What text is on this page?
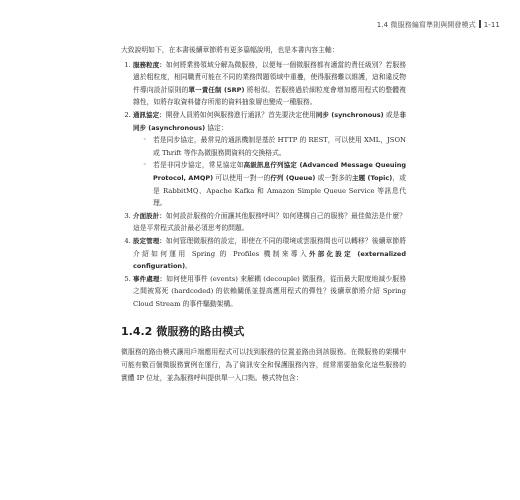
1.4 微服務編寫準則與開發模式 1-11

大致說明如下，在本書後續章節將有更多篇幅說明，也是本書內容主軸：

1. 服務粒度：如何將業務領域分解為微服務，以便每一個微服務都有適當的責任級別？若服務過於粗粒度，相同職責可能在不同的業務問題領域中重疊，使得服務難以維護，這和違反物件導向設計原則的單一責任制 (SRP) 將相似。若服務過於細粒度會增加應用程式的整體複雜性，如將存取資料儲存所需的資料抽象層也變成一種服務。
2. 通訊協定：開發人員將如何與服務進行通訊？首先要決定使用同步 (synchronous) 或是非同步 (asynchronous) 協定：
◦ 若是同步協定，最常見的通訊機制是基於 HTTP 的 REST，可以使用 XML，JSON 或 Thrift 等作為微服務間資料的交換格式。
◦ 若是非同步協定，常見協定如高級訊息佇列協定 (Advanced Message Queuing Protocol, AMQP) 可以使用一對一的佇列 (Queue) 或一對多的主題 (Topic)，或是 RabbitMQ、Apache Kafka 和 Amazon Simple Queue Service 等訊息代理。
3. 介面設計：如何設計服務的介面讓其他服務呼叫？如何建構自己的服務？最佳做法是什麼？這是平常程式設計最必須思考的問題。
4. 設定管理：如何管理微服務的設定，即使在不同的環境或雲服務間也可以轉移？後續章節將介紹如何運用 Spring 的 Profiles 機制來導入外部化設定 (externalized configuration)。
5. 事件處理：如何使用事件 (events) 來解耦 (decouple) 微服務，從而最大限度地減少服務之間被寫死 (hardcoded) 的依賴關係並提高應用程式的彈性？後續章節將介紹 Spring Cloud Stream 的事件驅動架構。
1.4.2 微服務的路由模式

微服務的路由模式讓用戶端應用程式可以找到服務的位置並路由到該服務。在微服務的架構中可能有數百個微服務實例在運行，為了資訊安全和保護服務內容，經常需要抽象化這些服務的實體 IP 位址，並為服務呼叫提供單一入口點。模式特包含：
